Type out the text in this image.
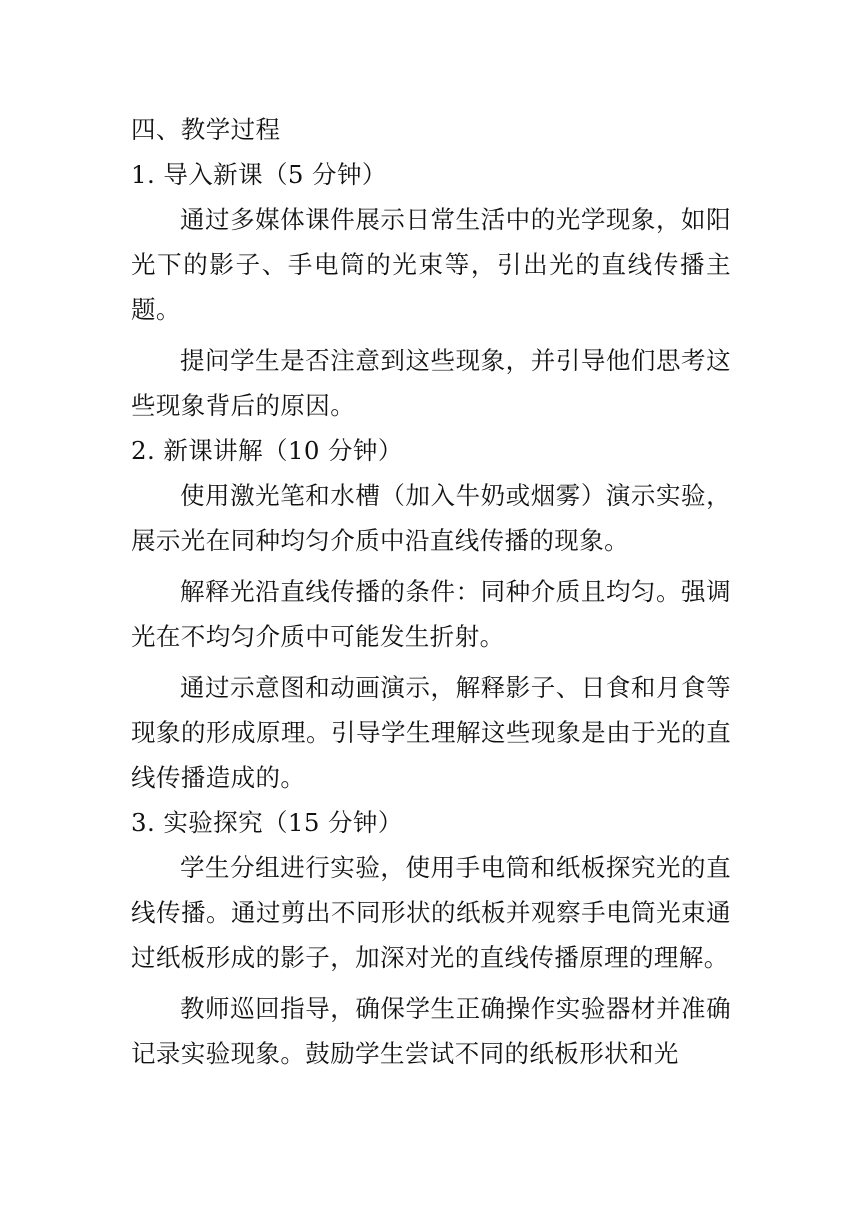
四、教学过程
1. 导入新课（5 分钟）

通过多媒体课件展示日常生活中的光学现象，如阳光下的影子、手电筒的光束等，引出光的直线传播主题。

提问学生是否注意到这些现象，并引导他们思考这些现象背后的原因。

2. 新课讲解（10 分钟）

使用激光笔和水槽（加入牛奶或烟雾）演示实验，展示光在同种均匀介质中沿直线传播的现象。

解释光沿直线传播的条件：同种介质且均匀。强调光在不均匀介质中可能发生折射。

通过示意图和动画演示，解释影子、日食和月食等现象的形成原理。引导学生理解这些现象是由于光的直线传播造成的。

3. 实验探究（15 分钟）

学生分组进行实验，使用手电筒和纸板探究光的直线传播。通过剪出不同形状的纸板并观察手电筒光束通过纸板形成的影子，加深对光的直线传播原理的理解。

教师巡回指导，确保学生正确操作实验器材并准确记录实验现象。鼓励学生尝试不同的纸板形状和光
